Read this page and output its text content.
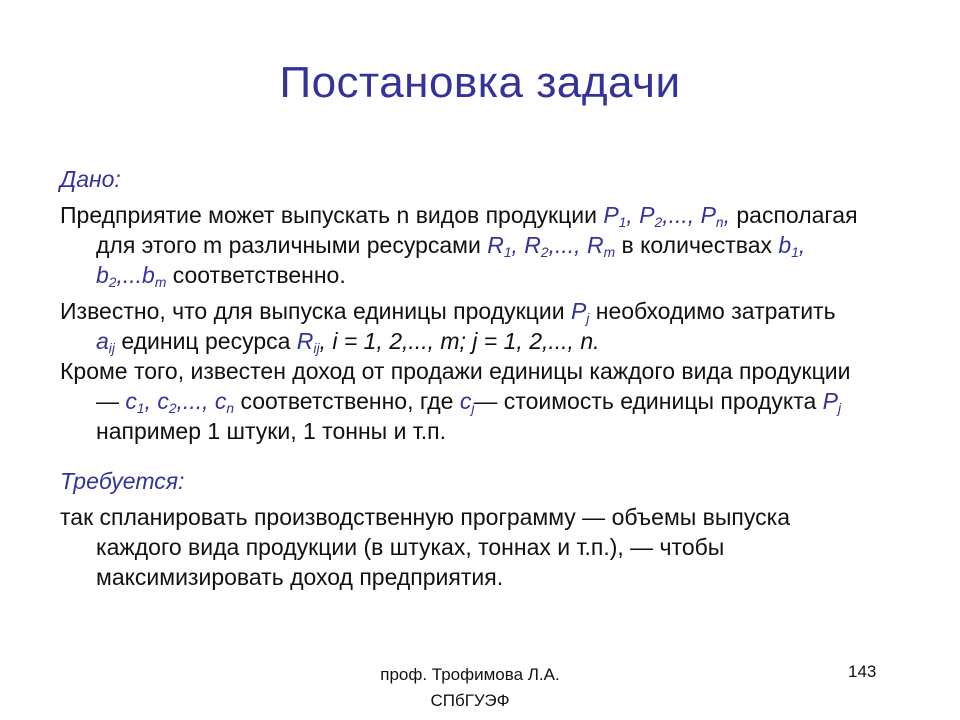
Постановка задачи
Дано:
Предприятие может выпускать n видов продукции $P_1$, $P_2$,..., $P_n$, располагая для этого m различными ресурсами $R_1$, $R_2$,..., $R_m$ в количествах $b_1$, $b_2,...b_m$ соответственно.
Известно, что для выпуска единицы продукции $P_j$ необходимо затратить $a_{ij}$ единиц ресурса $R_{ij}$, i = 1, 2,..., m; j = 1, 2,..., n.
Кроме того, известен доход от продажи единицы каждого вида продукции — $c_1$, $c_2$,..., $c_n$ соответственно, где $c_j—$ стоимость единицы продукта $P_j$ например 1 штуки, 1 тонны и т.п.
Требуется:
так спланировать производственную программу — объемы выпуска каждого вида продукции (в штуках, тоннах и т.п.), — чтобы максимизировать доход предприятия.
проф. Трофимова Л.А.
СПбГУЭФ
143
